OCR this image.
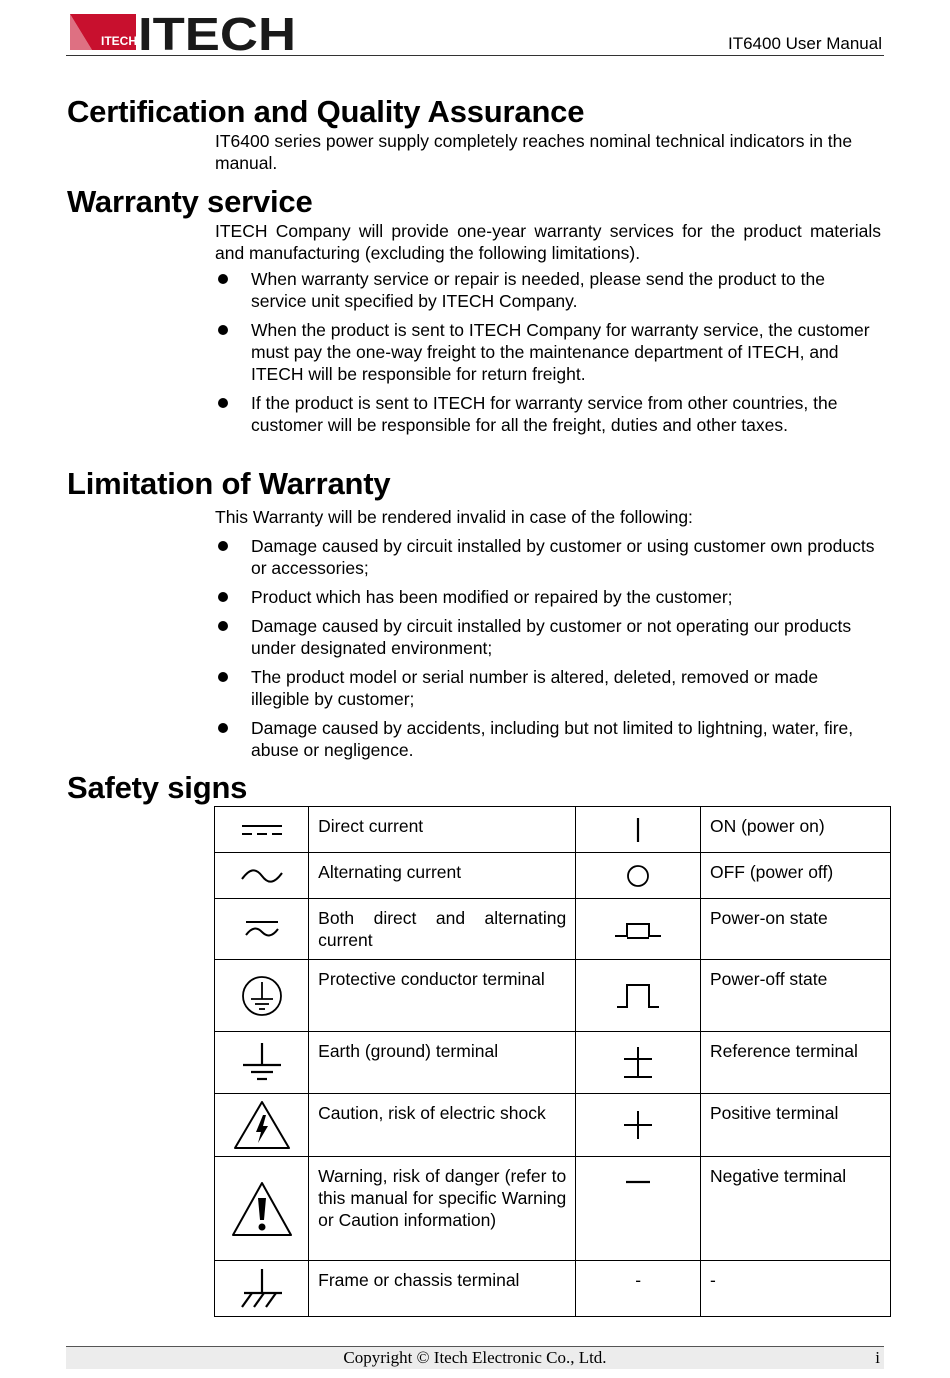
ITECH ITECH	IT6400 User Manual
Certification and Quality Assurance

IT6400 series power supply completely reaches nominal technical indicators in the manual.

Warranty service

ITECH Company will provide one-year warranty services for the product materials and manufacturing (excluding the following limitations).

When warranty service or repair is needed, please send the product to the service unit specified by ITECH Company.
When the product is sent to ITECH Company for warranty service, the customer must pay the one-way freight to the maintenance department of ITECH, and ITECH will be responsible for return freight.
If the product is sent to ITECH for warranty service from other countries, the customer will be responsible for all the freight, duties and other taxes.
Limitation of Warranty

This Warranty will be rendered invalid in case of the following:

Damage caused by circuit installed by customer or using customer own products or accessories;
Product which has been modified or repaired by the customer;
Damage caused by circuit installed by customer or not operating our products under designated environment;
The product model or serial number is altered, deleted, removed or made illegible by customer;
Damage caused by accidents, including but not limited to lightning, water, fire, abuse or negligence.
Safety signs
	Direct current		ON (power on)

	Alternating current		OFF (power off)

	Both direct and alternating current		Power-on state

	Protective conductor terminal		Power-off state

	Earth (ground) terminal		Reference terminal

	Caution, risk of electric shock		Positive terminal

	Warning, risk of danger (refer to this manual for specific Warning or Caution information)		Negative terminal

	Frame or chassis terminal	-	-
Copyright © Itech Electronic Co., Ltd.	i
